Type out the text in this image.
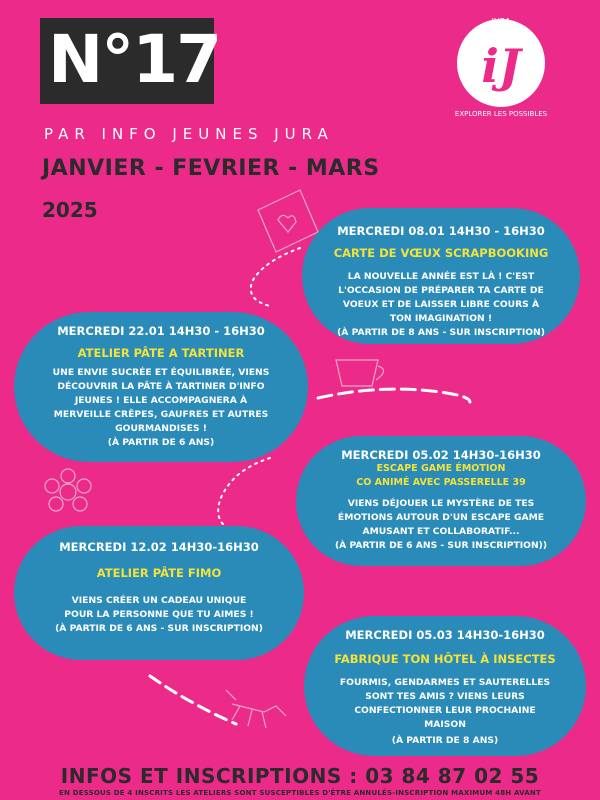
N°17
PAR INFO JEUNES JURA
JANVIER - FEVRIER - MARS
2025
JURA
iJ
EXPLORER LES POSSIBLES
MERCREDI 08.01 14H30 - 16H30
CARTE DE VŒUX SCRAPBOOKING
LA NOUVELLE ANNÉE EST LÀ ! C'EST L'OCCASION DE PRÉPARER TA CARTE DE VOEUX ET DE LAISSER LIBRE COURS À TON IMAGINATION !
(À PARTIR DE 8 ANS - SUR INSCRIPTION)
MERCREDI 22.01 14H30 - 16H30
ATELIER PÂTE A TARTINER
UNE ENVIE SUCRÉE ET ÉQUILIBRÉE, VIENS DÉCOUVRIR LA PÂTE À TARTINER D'INFO JEUNES ! ELLE ACCOMPAGNERA À MERVEILLE CRÊPES, GAUFRES ET AUTRES GOURMANDISES !
(À PARTIR DE 6 ANS)
MERCREDI 05.02 14H30-16H30
ESCAPE GAME ÉMOTION
CO ANIMÉ AVEC PASSERELLE 39
VIENS DÉJOUER LE MYSTÈRE DE TES ÉMOTIONS AUTOUR D'UN ESCAPE GAME AMUSANT ET COLLABORATIF...
(À PARTIR DE 6 ANS - SUR INSCRIPTION))
MERCREDI 12.02 14H30-16H30
ATELIER PÂTE FIMO
VIENS CRÉER UN CADEAU UNIQUE POUR LA PERSONNE QUE TU AIMES !
(À PARTIR DE 6 ANS - SUR INSCRIPTION)	MERCREDI 05.03 14H30-16H30
FABRIQUE TON HÔTEL À INSECTES
FOURMIS, GENDARMES ET SAUTERELLES SONT TES AMIS ? VIENS LEURS CONFECTIONNER LEUR PROCHAINE MAISON
(À PARTIR DE 8 ANS)
INFOS ET INSCRIPTIONS : 03 84 87 02 55
EN DESSOUS DE 4 INSCRITS LES ATELIERS SONT SUSCEPTIBLES D'ÊTRE ANNULÉS-INSCRIPTION MAXIMUM 48H AVANT
